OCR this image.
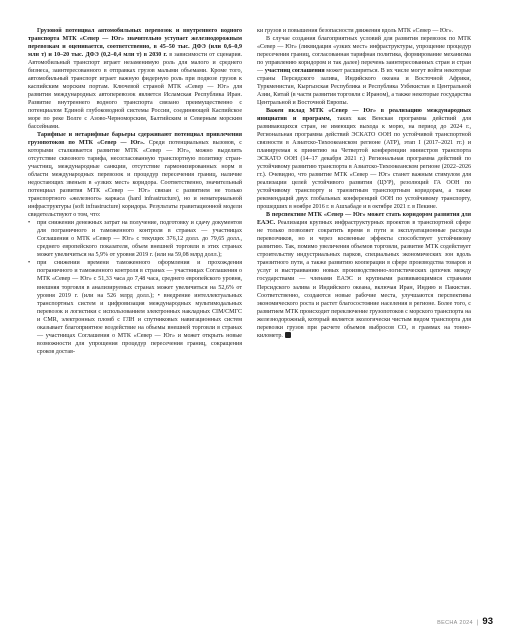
Грузовой потенциал автомобильных перевозок и внутреннего водного транспорта МТК «Север — Юг» значительно уступает железнодорожным перевозкам и оценивается, соответственно, в 45–50 тыс. ДФЭ (или 0,6–0,9 млн т) и 10–20 тыс. ДФЭ (0,2–0,4 млн т) в 2030 г. в зависимости от сценария. Автомобильный транспорт играет незаменимую роль для малого и среднего бизнеса, заинтересованного в отправках грузов малыми объемами. Кроме того, автомобильный транспорт играет важную фидерную роль при подвозе грузов к каспийским морским портам. Ключевой страной МТК «Север — Юг» для развития международных автоперевозок является Исламская Республика Иран. Развитие внутреннего водного транспорта связано преимущественно с потенциалом Единой глубоководной системы России, соединяющей Каспийское море по реке Волге с Азово-Черноморским, Балтийским и Северным морским бассейнами.

Тарифные и нетарифные барьеры сдерживают потенциал привлечения грузопотоков по МТК «Север — Юг». Среди потенциальных вызовов, с которыми сталкивается развитие МТК «Север — Юг», можно выделить отсутствие сквозного тарифа, несогласованную транспортную политику стран-участниц, международные санкции, отсутствие гармонизированных норм в области международных перевозок и процедур пересечения границ, наличие недостающих звеньев в «узких мест» коридора. Соответственно, значительный потенциал развития МТК «Север — Юг» связан с развитием не только транспортного «железного» каркаса (hard infrastructure), но и нематериальной инфраструктуры (soft infrastructure) коридора. Результаты гравитационной модели свидетельствуют о том, что:

• при снижении денежных затрат на получение, подготовку и сдачу документов для пограничного и таможенного контроля в странах — участницах Соглашения о МТК «Север — Юг» с текущих 376,12 долл. до 79,65 долл., среднего европейского показателя, объем внешней торговли в этих странах может увеличиться на 5,9% от уровня 2019 г. (или на 59,08 млрд долл.);
• при снижении времени таможенного оформления и прохождения пограничного и таможенного контроля в странах — участницах Соглашения о МТК «Север — Юг» с 51,33 часа до 7,48 часа, среднего европейского уровня, внешняя торговля в анализируемых странах может увеличиться на 52,6% от уровня 2019 г. (или на 526 млрд долл.); • внедрение интеллектуальных транспортных систем и цифровизация международных мультимодальных перевозок и логистики с использованием электронных накладных CIM/СМГС и CMR, электронных пломб с ГЛН и спутниковых навигационных систем оказывает благоприятное воздействие на объемы внешней торговли в странах — участницах Соглашения о МТК «Север — Юг» и может открыть новые возможности для упрощения процедур пересечения границ, сокращения сроков достав-

ки грузов и повышения безопасности движения вдоль МТК «Север — Юг».

В случае создания благоприятных условий для развития перевозок по МТК «Север — Юг» (ликвидация «узких мест» инфраструктуры, упрощение процедур пересечения границ, согласованная тарифная политика, формирование механизма по управлению коридором и так далее) перечень заинтересованных стран и стран — участниц соглашения может расшириться. В их числе могут войти некоторые страны Персидского залива, Индийского океана и Восточной Африки, Туркменистан, Кыргызская Республика и Республика Узбекистан в Центральной Азии, Китай (в части развития торговли с Ираном), а также некоторые государства Центральной и Восточной Европы.

Важен вклад МТК «Север — Юг» в реализацию международных инициатив и программ, таких как Венская программа действий для развивающихся стран, не имеющих выхода к морю, на период до 2024 г., Региональная программа действий ЭСКАТО ООН по устойчивой транспортной связности в Азиатско-Тихоокеанском регионе (АТР), этап I (2017–2021 гг.) и планируемая к принятию на Четвертой конференции министров транспорта ЭСКАТО ООН (14–17 декабря 2021 г.) Региональная программа действий по устойчивому развитию транспорта в Азиатско-Тихоокеанском регионе (2022–2026 гг.). Очевидно, что развитие МТК «Север — Юг» станет важным стимулом для реализации целей устойчивого развития (ЦУР), резолюций ГА ООН по устойчивому транспорту и транзитным транспортным коридорам, а также рекомендаций двух глобальных конференций ООН по устойчивому транспорту, прошедших в ноябре 2016 г. в Ашхабаде и в октябре 2021 г. в Пекине.

В перспективе МТК «Север — Юг» может стать коридором развития для ЕАЭС. Реализация крупных инфраструктурных проектов в транспортной сфере не только позволяет сократить время в пути и эксплуатационные расходы перевозчиков, но и через косвенные эффекты способствует устойчивому развитию. Так, помимо увеличения объемов торговли, развитие МТК содействует строительству индустриальных парков, специальных экономических зон вдоль транзитного пути, а также развитию кооперации в сфере производства товаров и услуг и выстраиванию новых производственно-логистических цепочек между государствами — членами ЕАЭС и крупными развивающимися странами Персидского залива и Индийского океана, включая Иран, Индию и Пакистан. Соответственно, создаются новые рабочие места, улучшаются перспективы экономического роста и растет благосостояние населения в регионе. Более того, с развитием МТК происходит переключение грузопотоков с морского транспорта на железнодорожный, который является экологически чистым видом транспорта для перевозки грузов при расчете объемов выбросов CO₂ в граммах на тонно-километр.

ВЕСНА 2024 | 93
